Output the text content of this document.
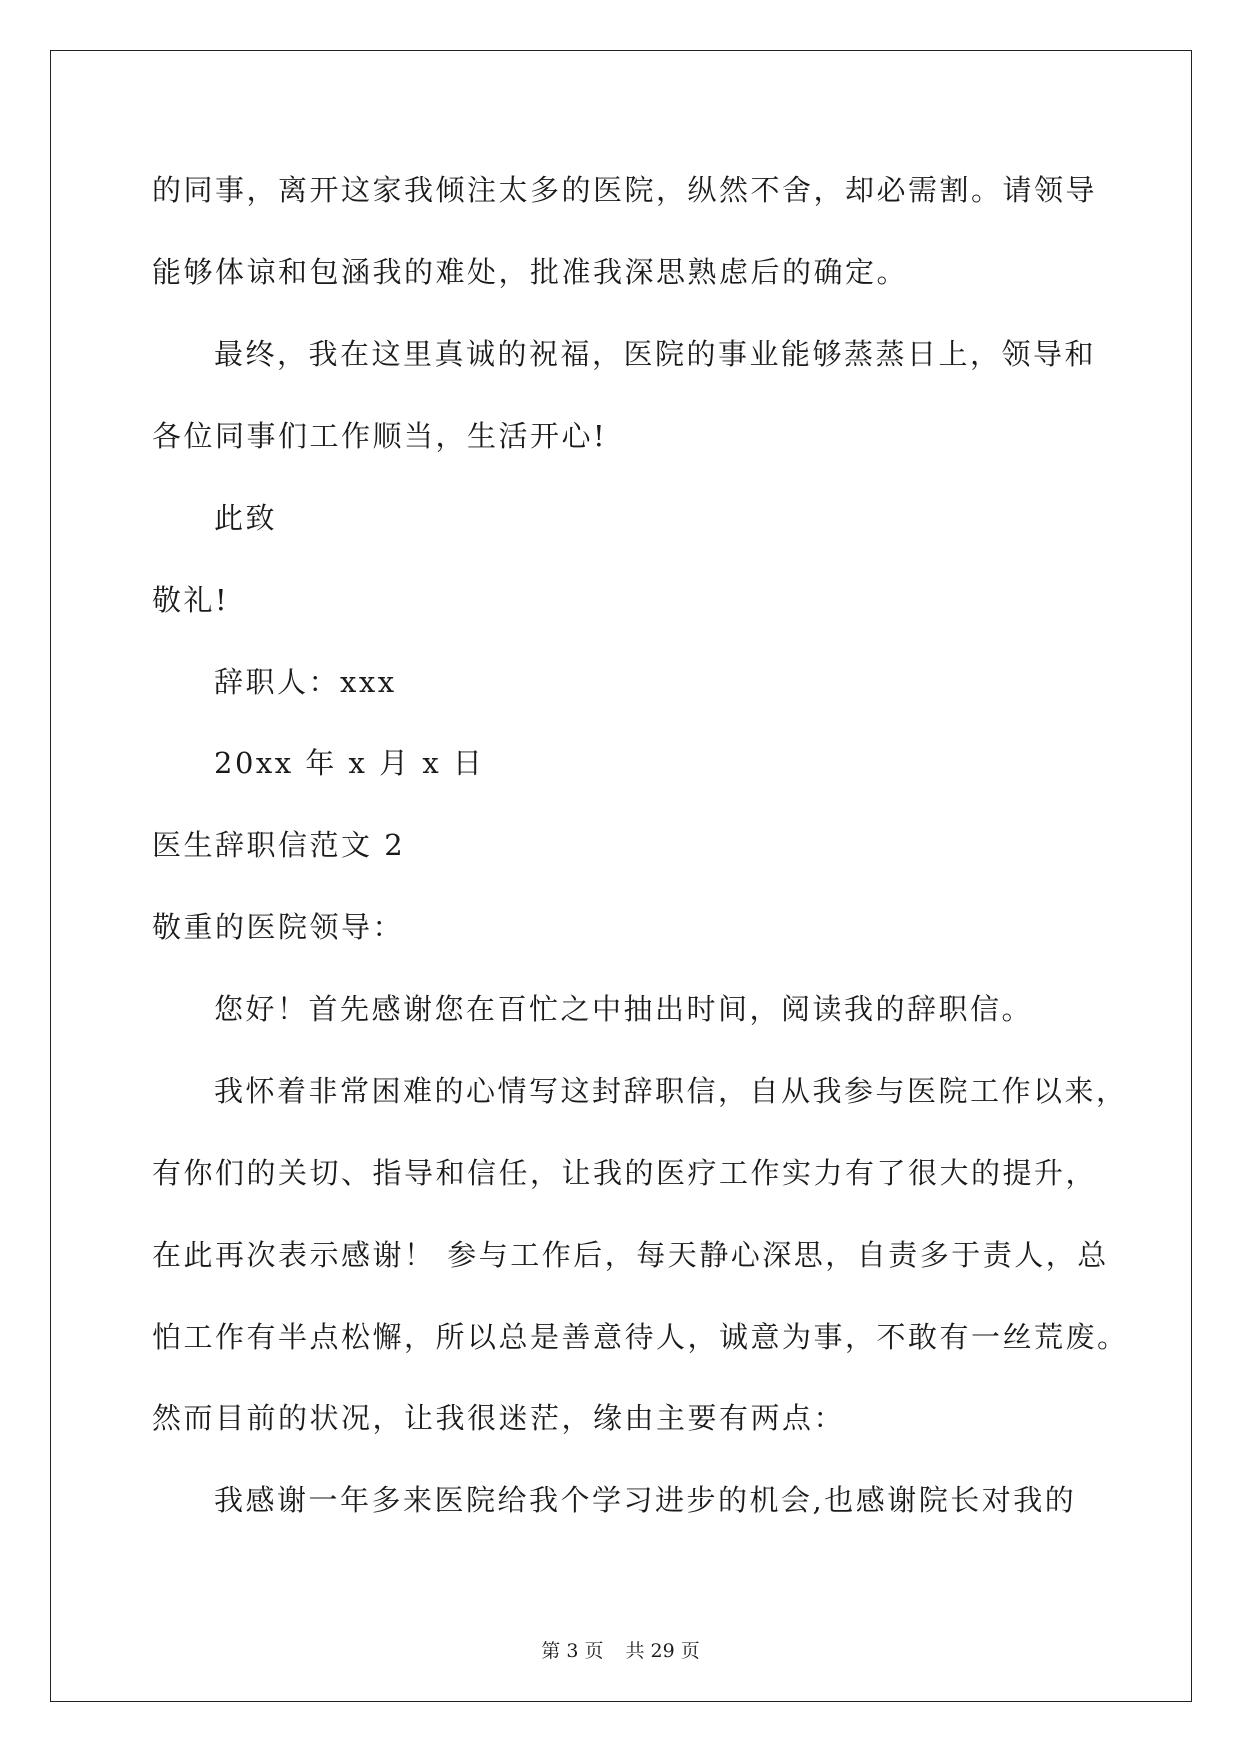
的同事，离开这家我倾注太多的医院，纵然不舍，却必需割。请领导
能够体谅和包涵我的难处，批准我深思熟虑后的确定。
最终，我在这里真诚的祝福，医院的事业能够蒸蒸日上，领导和
各位同事们工作顺当，生活开心!
此致
敬礼!
辞职人：xxx
20xx 年 x 月 x 日
医生辞职信范文 2
敬重的医院领导：
您好！首先感谢您在百忙之中抽出时间，阅读我的辞职信。
我怀着非常困难的心情写这封辞职信，自从我参与医院工作以来，
有你们的关切、指导和信任，让我的医疗工作实力有了很大的提升，
在此再次表示感谢！ 参与工作后，每天静心深思，自责多于责人，总
怕工作有半点松懈，所以总是善意待人，诚意为事，不敢有一丝荒废。
然而目前的状况，让我很迷茫，缘由主要有两点：
我感谢一年多来医院给我个学习进步的机会,也感谢院长对我的
第 3 页 共 29 页
